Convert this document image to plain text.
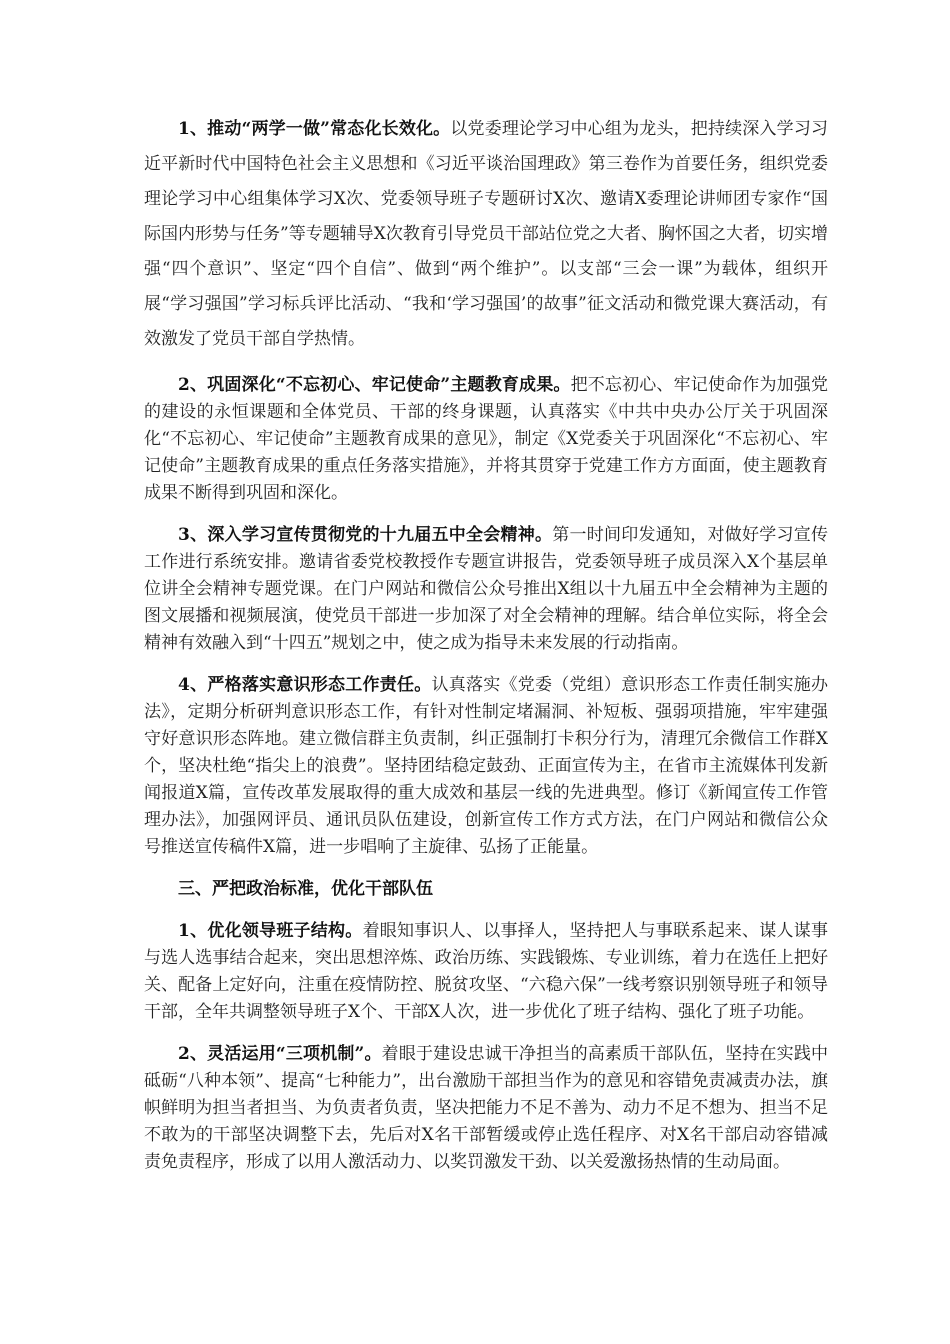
1、推动“两学一做”常态化长效化。以党委理论学习中心组为龙头，把持续深入学习习近平新时代中国特色社会主义思想和《习近平谈治国理政》第三卷作为首要任务，组织党委理论学习中心组集体学习X次、党委领导班子专题研讨X次、邀请X委理论讲师团专家作“国际国内形势与任务”等专题辅导X次教育引导党员干部站位党之大者、胸怀国之大者，切实增强“四个意识”、坚定“四个自信”、做到“两个维护”。以支部“三会一课”为载体，组织开展“学习强国”学习标兵评比活动、“我和‘学习强国’的故事”征文活动和微党课大赛活动，有效激发了党员干部自学热情。

2、巩固深化“不忘初心、牢记使命”主题教育成果。把不忘初心、牢记使命作为加强党的建设的永恒课题和全体党员、干部的终身课题，认真落实《中共中央办公厅关于巩固深化“不忘初心、牢记使命”主题教育成果的意见》，制定《X党委关于巩固深化“不忘初心、牢记使命”主题教育成果的重点任务落实措施》，并将其贯穿于党建工作方方面面，使主题教育成果不断得到巩固和深化。

3、深入学习宣传贯彻党的十九届五中全会精神。第一时间印发通知，对做好学习宣传工作进行系统安排。邀请省委党校教授作专题宣讲报告，党委领导班子成员深入X个基层单位讲全会精神专题党课。在门户网站和微信公众号推出X组以十九届五中全会精神为主题的图文展播和视频展演，使党员干部进一步加深了对全会精神的理解。结合单位实际，将全会精神有效融入到“十四五”规划之中，使之成为指导未来发展的行动指南。

4、严格落实意识形态工作责任。认真落实《党委（党组）意识形态工作责任制实施办法》，定期分析研判意识形态工作，有针对性制定堵漏洞、补短板、强弱项措施，牢牢建强守好意识形态阵地。建立微信群主负责制，纠正强制打卡积分行为，清理冗余微信工作群X个，坚决杜绝“指尖上的浪费”。坚持团结稳定鼓劲、正面宣传为主，在省市主流媒体刊发新闻报道X篇，宣传改革发展取得的重大成效和基层一线的先进典型。修订《新闻宣传工作管理办法》，加强网评员、通讯员队伍建设，创新宣传工作方式方法，在门户网站和微信公众号推送宣传稿件X篇，进一步唱响了主旋律、弘扬了正能量。

三、严把政治标准，优化干部队伍

1、优化领导班子结构。着眼知事识人、以事择人，坚持把人与事联系起来、谋人谋事与选人选事结合起来，突出思想淬炼、政治历练、实践锻炼、专业训练，着力在选任上把好关、配备上定好向，注重在疫情防控、脱贫攻坚、“六稳六保”一线考察识别领导班子和领导干部，全年共调整领导班子X个、干部X人次，进一步优化了班子结构、强化了班子功能。

2、灵活运用“三项机制”。着眼于建设忠诚干净担当的高素质干部队伍，坚持在实践中砥砺“八种本领”、提高“七种能力”，出台激励干部担当作为的意见和容错免责减责办法，旗帜鲜明为担当者担当、为负责者负责，坚决把能力不足不善为、动力不足不想为、担当不足不敢为的干部坚决调整下去，先后对X名干部暂缓或停止选任程序、对X名干部启动容错减责免责程序，形成了以用人激活动力、以奖罚激发干劲、以关爱激扬热情的生动局面。
